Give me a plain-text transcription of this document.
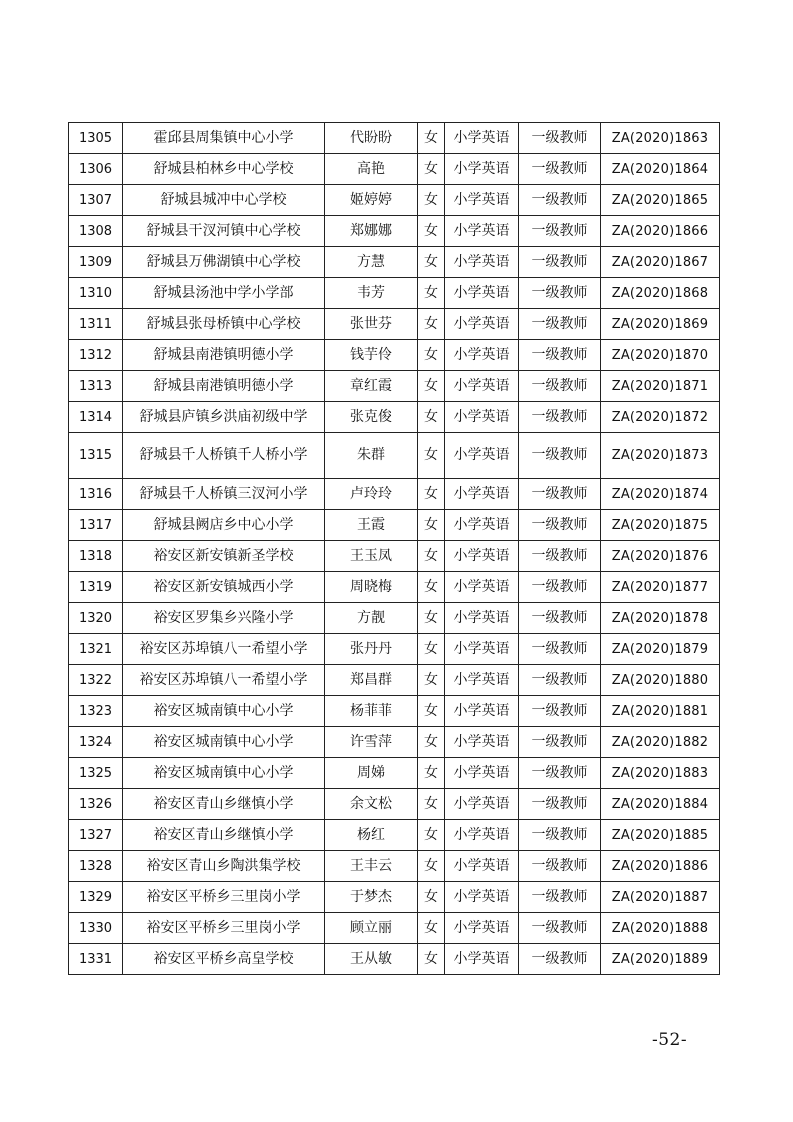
1305	霍邱县周集镇中心小学	代盼盼	女	小学英语	一级教师	ZA(2020)1863
1306	舒城县柏林乡中心学校	高艳	女	小学英语	一级教师	ZA(2020)1864
1307	舒城县城冲中心学校	姬婷婷	女	小学英语	一级教师	ZA(2020)1865
1308	舒城县干汊河镇中心学校	郑娜娜	女	小学英语	一级教师	ZA(2020)1866
1309	舒城县万佛湖镇中心学校	方慧	女	小学英语	一级教师	ZA(2020)1867
1310	舒城县汤池中学小学部	韦芳	女	小学英语	一级教师	ZA(2020)1868
1311	舒城县张母桥镇中心学校	张世芬	女	小学英语	一级教师	ZA(2020)1869
1312	舒城县南港镇明德小学	钱芋伶	女	小学英语	一级教师	ZA(2020)1870
1313	舒城县南港镇明德小学	章红霞	女	小学英语	一级教师	ZA(2020)1871
1314	舒城县庐镇乡洪庙初级中学	张克俊	女	小学英语	一级教师	ZA(2020)1872
1315	舒城县千人桥镇千人桥小学	朱群	女	小学英语	一级教师	ZA(2020)1873
1316	舒城县千人桥镇三汊河小学	卢玲玲	女	小学英语	一级教师	ZA(2020)1874
1317	舒城县阙店乡中心小学	王霞	女	小学英语	一级教师	ZA(2020)1875
1318	裕安区新安镇新圣学校	王玉凤	女	小学英语	一级教师	ZA(2020)1876
1319	裕安区新安镇城西小学	周晓梅	女	小学英语	一级教师	ZA(2020)1877
1320	裕安区罗集乡兴隆小学	方靓	女	小学英语	一级教师	ZA(2020)1878
1321	裕安区苏埠镇八一希望小学	张丹丹	女	小学英语	一级教师	ZA(2020)1879
1322	裕安区苏埠镇八一希望小学	郑昌群	女	小学英语	一级教师	ZA(2020)1880
1323	裕安区城南镇中心小学	杨菲菲	女	小学英语	一级教师	ZA(2020)1881
1324	裕安区城南镇中心小学	许雪萍	女	小学英语	一级教师	ZA(2020)1882
1325	裕安区城南镇中心小学	周娣	女	小学英语	一级教师	ZA(2020)1883
1326	裕安区青山乡继慎小学	余文松	女	小学英语	一级教师	ZA(2020)1884
1327	裕安区青山乡继慎小学	杨红	女	小学英语	一级教师	ZA(2020)1885
1328	裕安区青山乡陶洪集学校	王丰云	女	小学英语	一级教师	ZA(2020)1886
1329	裕安区平桥乡三里岗小学	于梦杰	女	小学英语	一级教师	ZA(2020)1887
1330	裕安区平桥乡三里岗小学	顾立丽	女	小学英语	一级教师	ZA(2020)1888
1331	裕安区平桥乡高皇学校	王从敏	女	小学英语	一级教师	ZA(2020)1889
-52-
